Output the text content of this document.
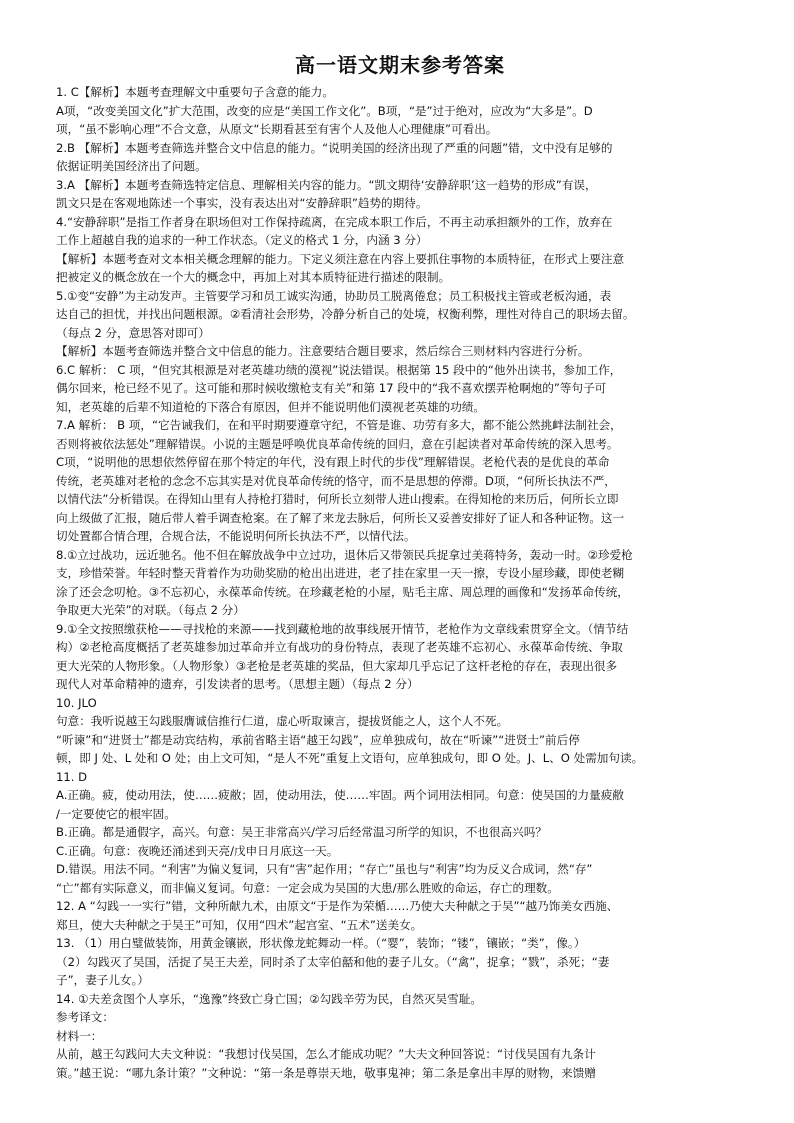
高一语文期末参考答案
1. C【解析】本题考查理解文中重要句子含意的能力。
A项，“改变美国文化”扩大范围，改变的应是“美国工作文化”。B项，“是”过于绝对，应改为“大多是”。D
项，“虽不影响心理”不合文意，从原文“长期看甚至有害个人及他人心理健康”可看出。
2.B 【解析】本题考查筛选并整合文中信息的能力。“说明美国的经济出现了严重的问题”错，文中没有足够的
依据证明美国经济出了问题。
3.A 【解析】本题考查筛选特定信息、理解相关内容的能力。“凯文期待‘安静辞职’这一趋势的形成”有误，
凯文只是在客观地陈述一个事实，没有表达出对“安静辞职”趋势的期待。
4.“安静辞职”是指工作者身在职场但对工作保持疏离，在完成本职工作后，不再主动承担额外的工作，放弃在
工作上超越自我的追求的一种工作状态。（定义的格式 1 分，内涵 3 分）
【解析】本题考查对文本相关概念理解的能力。下定义须注意在内容上要抓住事物的本质特征，在形式上要注意
把被定义的概念放在一个大的概念中，再加上对其本质特征进行描述的限制。
5.①变“安静”为主动发声。主管要学习和员工诚实沟通，协助员工脱离倦怠；员工积极找主管或老板沟通，表
达自己的担忧，并找出问题根源。②看清社会形势，冷静分析自己的处境，权衡利弊，理性对待自己的职场去留。
（每点 2 分，意思答对即可）
【解析】本题考查筛选并整合文中信息的能力。注意要结合题目要求，然后综合三则材料内容进行分析。
6.C 解析： C 项，“但究其根源是对老英雄功绩的漠视”说法错误。根据第 15 段中的“他外出读书，参加工作，
偶尔回来，枪已经不见了。这可能和那时候收缴枪支有关”和第 17 段中的“我不喜欢摆弄枪啊炮的”等句子可
知，老英雄的后辈不知道枪的下落合有原因，但并不能说明他们漠视老英雄的功绩。
7.A 解析： B 项，“它告诫我们，在和平时期要遵章守纪，不管是谁、功劳有多大，都不能公然挑衅法制社会，
否则将被依法惩处”理解错误。小说的主题是呼唤优良革命传统的回归，意在引起读者对革命传统的深入思考。
C项，“说明他的思想依然停留在那个特定的年代，没有跟上时代的步伐”理解错误。老枪代表的是优良的革命
传统，老英雄对老枪的念念不忘其实是对优良革命传统的恪守，而不是思想的停滞。D项，“何所长执法不严，
以情代法”分析错误。在得知山里有人持枪打猎时，何所长立刻带人进山搜索。在得知枪的来历后，何所长立即
向上级做了汇报，随后带人着手调查枪案。在了解了来龙去脉后，何所长又妥善安排好了证人和各种证物。这一
切处置都合情合理，合规合法，不能说明何所长执法不严，以情代法。
8.①立过战功，远近驰名。他不但在解放战争中立过功，退休后又带领民兵捉拿过美蒋特务，轰动一时。②珍爱枪
支，珍惜荣誉。年轻时整天背着作为功勋奖励的枪出出进进，老了挂在家里一天一擦，专设小屋珍藏，即使老糊
涂了还会念叨枪。③不忘初心，永葆革命传统。在珍藏老枪的小屋，贴毛主席、周总理的画像和“发扬革命传统，
争取更大光荣”的对联。（每点 2 分）
9.①全文按照缴获枪——寻找枪的来源——找到藏枪地的故事线展开情节，老枪作为文章线索贯穿全文。（情节结
构）②老枪高度概括了老英雄参加过革命并立有战功的身份特点，表现了老英雄不忘初心、永葆革命传统、争取
更大光荣的人物形象。（人物形象）③老枪是老英雄的奖品，但大家却几乎忘记了这杆老枪的存在，表现出很多
现代人对革命精神的遗弃，引发读者的思考。（思想主题）（每点 2 分）
10. JLO
句意：我听说越王勾践服膺诚信推行仁道，虚心听取谏言，提拔贤能之人，这个人不死。
“听谏”和“进贤士”都是动宾结构，承前省略主语“越王勾践”，应单独成句，故在“听谏”“进贤士”前后停
顿，即 J 处、L 处和 O 处；由上文可知，“是人不死”重复上文语句，应单独成句，即 O 处。J、L、O 处需加句读。
11. D
A.正确。疲，使动用法，使……疲敝；固，使动用法，使……牢固。两个词用法相同。句意：使吴国的力量疲敝
/一定要使它的根牢固。
B.正确。都是通假字，高兴。句意：吴王非常高兴/学习后经常温习所学的知识，不也很高兴吗？
C.正确。句意：夜晚还涌述到天亮/戊申日月底这一天。
D.错误。用法不同。“利害”为偏义复词，只有“害”起作用；“存亡”虽也与“利害”均为反义合成词，然“存”
“亡”都有实际意义，而非偏义复词。句意：一定会成为吴国的大患/那么胜败的命运，存亡的理数。
12. A “勾践一一实行”错，文种所献九术，由原文“于是作为荣楯……乃使大夫种献之于吴”“越乃饰美女西施、
郑旦，使大夫种献之于吴王”可知，仅用“四术”起宫室、“五术”送美女。
13. （1）用白璧做装饰，用黄金镶嵌，形状像龙蛇舞动一样。（“婴”，装饰；“镂”，镶嵌；“类”，像。）
（2）勾践灭了吴国，活捉了吴王夫差，同时杀了太宰伯嚭和他的妻子儿女。（“禽”，捉拿；“戮”，杀死；“妻
子”，妻子儿女。）
14. ①夫差贪图个人享乐，“逸豫”终致亡身亡国；②勾践辛劳为民，自然灭吴雪耻。
参考译文：
材料一：
从前，越王勾践问大夫文种说：“我想讨伐吴国，怎么才能成功呢？”大夫文种回答说：“讨伐吴国有九条计
策。”越王说：“哪九条计策？”文种说：“第一条是尊崇天地，敬事鬼神；第二条是拿出丰厚的财物，来馈赠
